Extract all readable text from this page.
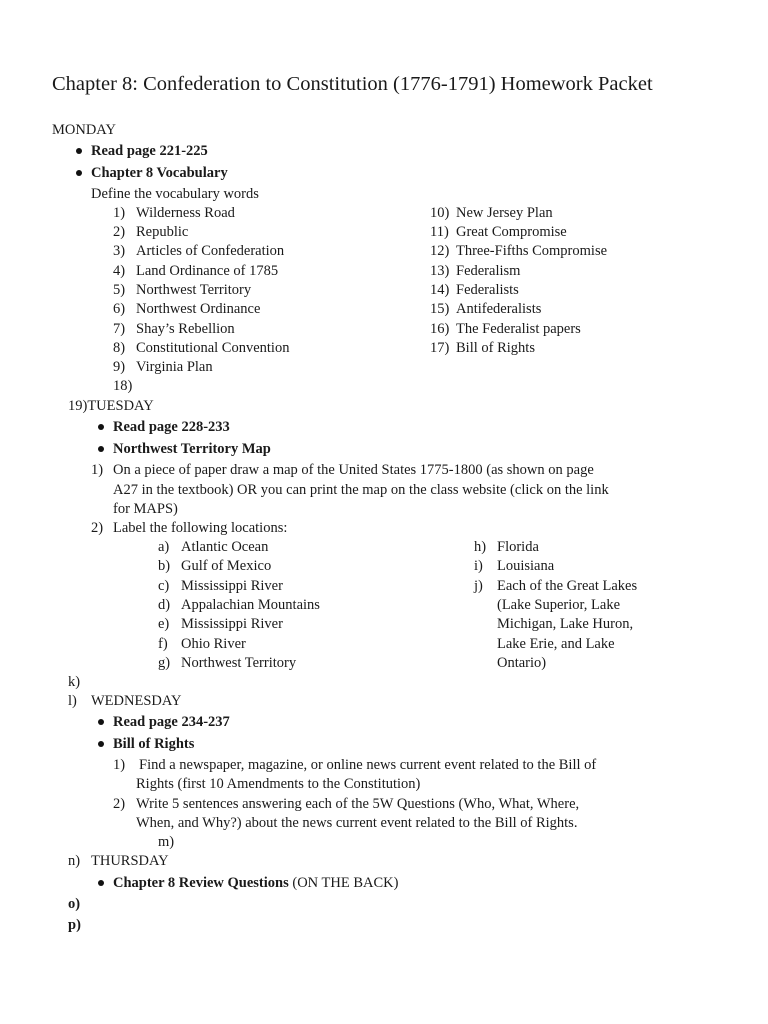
Chapter 8: Confederation to Constitution (1776-1791) Homework Packet
MONDAY
Read page 221-225
Chapter 8 Vocabulary
Define the vocabulary words
1) Wilderness Road
2) Republic
3) Articles of Confederation
4) Land Ordinance of 1785
5) Northwest Territory
6) Northwest Ordinance
7) Shay’s Rebellion
8) Constitutional Convention
9) Virginia Plan
18)
10) New Jersey Plan
11) Great Compromise
12) Three-Fifths Compromise
13) Federalism
14) Federalists
15) Antifederalists
16) The Federalist papers
17) Bill of Rights
19)TUESDAY
Read page 228-233
Northwest Territory Map
1) On a piece of paper draw a map of the United States 1775-1800 (as shown on page
A27 in the textbook) OR you can print the map on the class website (click on the link
for MAPS)
2) Label the following locations:
a) Atlantic Ocean
b) Gulf of Mexico
c) Mississippi River
d) Appalachian Mountains
e) Mississippi River
f) Ohio River
g) Northwest Territory
h) Florida
i) Louisiana
j) Each of the Great Lakes
(Lake Superior, Lake
Michigan, Lake Huron,
Lake Erie, and Lake
Ontario)
k)
l) WEDNESDAY
Read page 234-237
Bill of Rights
1) Find a newspaper, magazine, or online news current event related to the Bill of
Rights (first 10 Amendments to the Constitution)
2) Write 5 sentences answering each of the 5W Questions (Who, What, Where,
When, and Why?) about the news current event related to the Bill of Rights.
m)
n) THURSDAY
Chapter 8 Review Questions (ON THE BACK)
o)
p)
